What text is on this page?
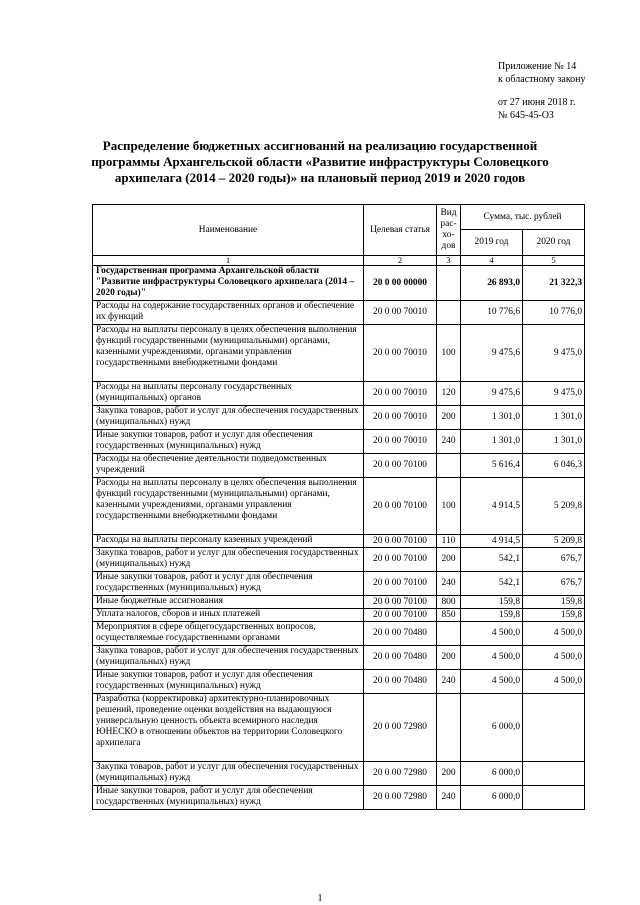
Приложение № 14
к областному закону
от 27 июня 2018 г.
№ 645-45-ОЗ
Распределение бюджетных ассигнований на реализацию государственной
программы Архангельской области «Развитие инфраструктуры Соловецкого
архипелага (2014 – 2020 годы)» на плановый период 2019 и 2020 годов
Наименование	Целевая статья	Вид рас-хо-дов	Сумма, тыс. рублей	
			2019 год	2020 год
1	2	3	4	5
Государственная программа Архангельской области "Развитие инфраструктуры Соловецкого архипелага (2014 – 2020 годы)"	20 0 00 00000		26 893,0	21 322,3
Расходы на содержание государственных органов и обеспечение их функций	20 0 00 70010		10 776,6	10 776,0
Расходы на выплаты персоналу в целях обеспечения выполнения функций государственными (муниципальными) органами, казенными учреждениями, органами управления государственными внебюджетными фондами	20 0 00 70010	100	9 475,6	9 475,0
Расходы на выплаты персоналу государственных (муниципальных) органов	20 0 00 70010	120	9 475,6	9 475,0
Закупка товаров, работ и услуг для обеспечения государственных (муниципальных) нужд	20 0 00 70010	200	1 301,0	1 301,0
Иные закупки товаров, работ и услуг для обеспечения государственных (муниципальных) нужд	20 0 00 70010	240	1 301,0	1 301,0
Расходы на обеспечение деятельности подведомственных учреждений	20 0 00 70100		5 616,4	6 046,3
Расходы на выплаты персоналу в целях обеспечения выполнения функций государственными (муниципальными) органами, казенными учреждениями, органами управления государственными внебюджетными фондами	20 0 00 70100	100	4 914,5	5 209,8
Расходы на выплаты персоналу казенных учреждений	20 0 00 70100	110	4 914,5	5 209,8
Закупка товаров, работ и услуг для обеспечения государственных (муниципальных) нужд	20 0 00 70100	200	542,1	676,7
Иные закупки товаров, работ и услуг для обеспечения государственных (муниципальных) нужд	20 0 00 70100	240	542,1	676,7
Иные бюджетные ассигнования	20 0 00 70100	800	159,8	159,8
Уплата налогов, сборов и иных платежей	20 0 00 70100	850	159,8	159,8
Мероприятия в сфере общегосударственных вопросов, осуществляемые государственными органами	20 0 00 70480		4 500,0	4 500,0
Закупка товаров, работ и услуг для обеспечения государственных (муниципальных) нужд	20 0 00 70480	200	4 500,0	4 500,0
Иные закупки товаров, работ и услуг для обеспечения государственных (муниципальных) нужд	20 0 00 70480	240	4 500,0	4 500,0
Разработка (корректировка) архитектурно-планировочных решений, проведение оценки воздействия на выдающуюся универсальную ценность объекта всемирного наследия ЮНЕСКО в отношении объектов на территории Соловецкого архипелага	20 0 00 72980		6 000,0	
Закупка товаров, работ и услуг для обеспечения государственных (муниципальных) нужд	20 0 00 72980	200	6 000,0	
Иные закупки товаров, работ и услуг для обеспечения государственных (муниципальных) нужд	20 0 00 72980	240	6 000,0	
1
